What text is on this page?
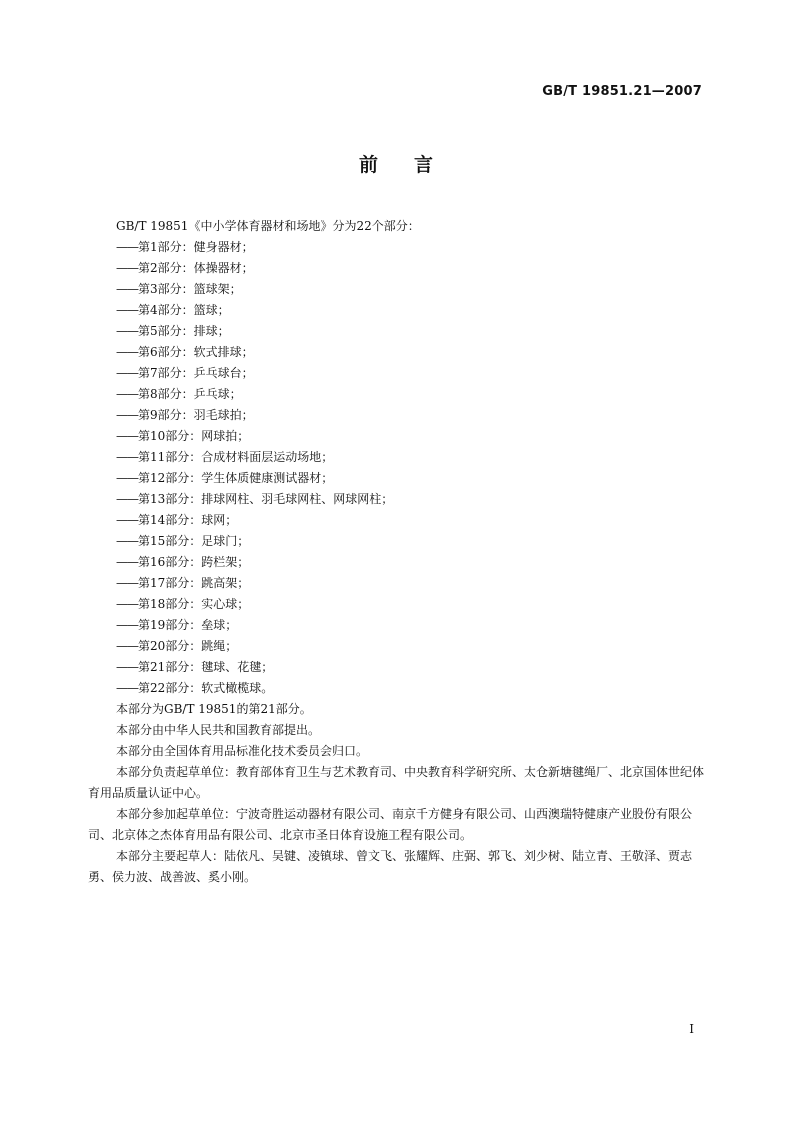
GB/T 19851.21—2007
前 言

GB/T 19851《中小学体育器材和场地》分为22个部分：

——第1部分：健身器材；

——第2部分：体操器材；

——第3部分：篮球架；

——第4部分：篮球；

——第5部分：排球；

——第6部分：软式排球；

——第7部分：乒乓球台；

——第8部分：乒乓球；

——第9部分：羽毛球拍；

——第10部分：网球拍；

——第11部分：合成材料面层运动场地；

——第12部分：学生体质健康测试器材；

——第13部分：排球网柱、羽毛球网柱、网球网柱；

——第14部分：球网；

——第15部分：足球门；

——第16部分：跨栏架；

——第17部分：跳高架；

——第18部分：实心球；

——第19部分：垒球；

——第20部分：跳绳；

——第21部分：毽球、花毽；

——第22部分：软式橄榄球。

本部分为GB/T 19851的第21部分。

本部分由中华人民共和国教育部提出。

本部分由全国体育用品标准化技术委员会归口。

本部分负责起草单位：教育部体育卫生与艺术教育司、中央教育科学研究所、太仓新塘毽绳厂、北京国体世纪体育用品质量认证中心。

本部分参加起草单位：宁波奇胜运动器材有限公司、南京千方健身有限公司、山西澳瑞特健康产业股份有限公司、北京体之杰体育用品有限公司、北京市圣日体育设施工程有限公司。

本部分主要起草人：陆依凡、吴键、凌镇球、曾文飞、张耀辉、庄弼、郭飞、刘少树、陆立青、王敬泽、贾志勇、侯力波、战善波、奚小刚。

I
